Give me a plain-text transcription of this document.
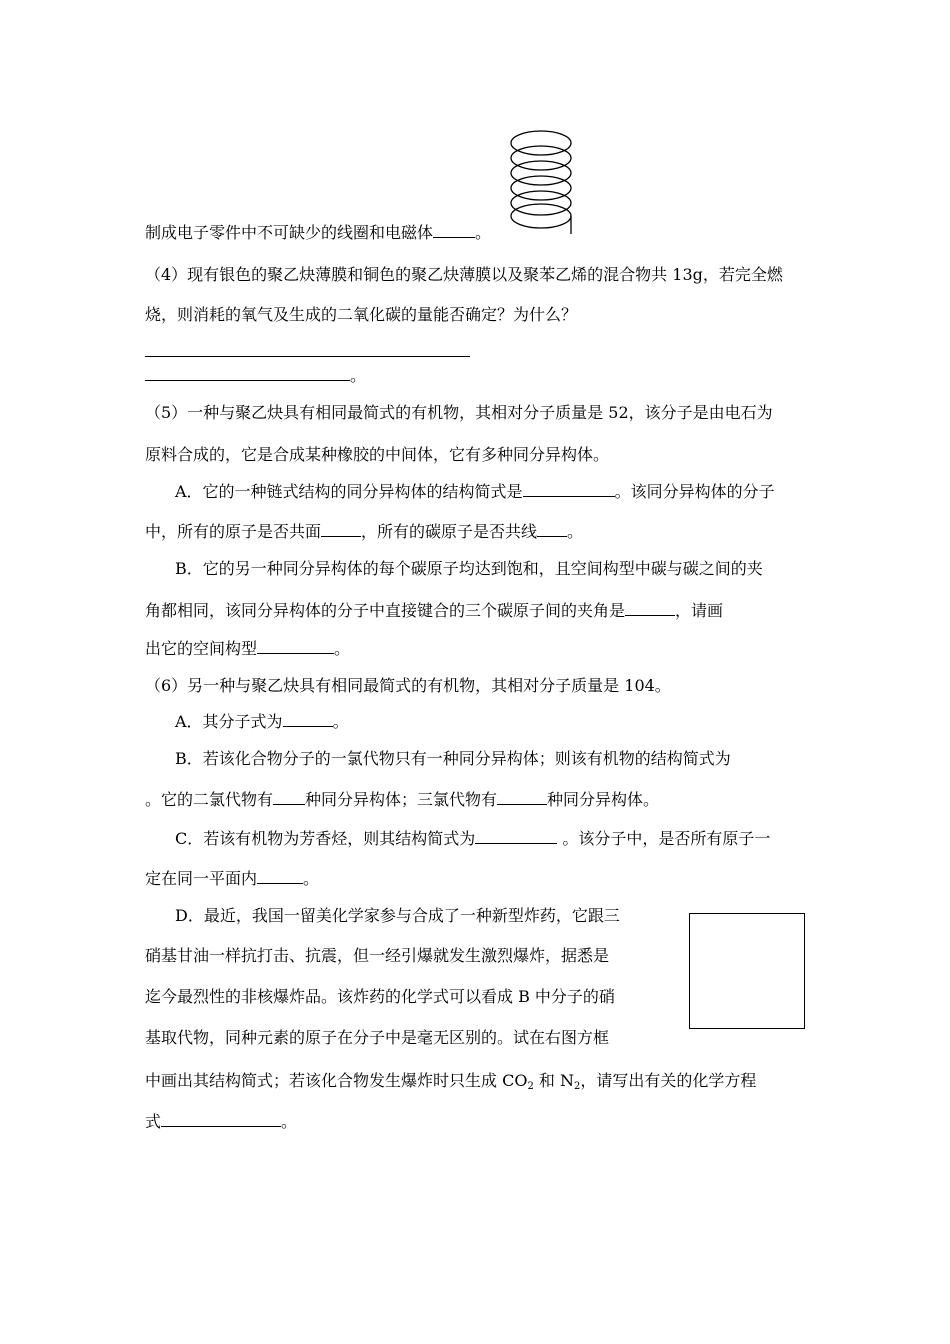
制成电子零件中不可缺少的线圈和电磁体	。
（4）现有银色的聚乙炔薄膜和铜色的聚乙炔薄膜以及聚苯乙烯的混合物共 13g，若完全燃
烧，则消耗的氧气及生成的二氧化碳的量能否确定？为什么？
。
（5）一种与聚乙炔具有相同最简式的有机物，其相对分子质量是 52，该分子是由电石为
原料合成的，它是合成某种橡胶的中间体，它有多种同分异构体。
A．它的一种链式结构的同分异构体的结构简式是	。该同分异构体的分子
中，所有的原子是否共面	，所有的碳原子是否共线 。
B．它的另一种同分异构体的每个碳原子均达到饱和，且空间构型中碳与碳之间的夹
角都相同，该同分异构体的分子中直接键合的三个碳原子间的夹角是	，请画
出它的空间构型	。
（6）另一种与聚乙炔具有相同最简式的有机物，其相对分子质量是 104。
A．其分子式为	。
B．若该化合物分子的一氯代物只有一种同分异构体；则该有机物的结构简式为
。它的二氯代物有 种同分异构体；三氯代物有	种同分异构体。
C．若该有机物为芳香烃，则其结构简式为	。该分子中，是否所有原子一
定在同一平面内	。
D．最近，我国一留美化学家参与合成了一种新型炸药，它跟三
硝基甘油一样抗打击、抗震，但一经引爆就发生激烈爆炸，据悉是
迄今最烈性的非核爆炸品。该炸药的化学式可以看成 B 中分子的硝
基取代物，同种元素的原子在分子中是毫无区别的。试在右图方框
中画出其结构简式；若该化合物发生爆炸时只生成 $CO_2$ 和 $N_2$，请写出有关的化学方程
式	。
